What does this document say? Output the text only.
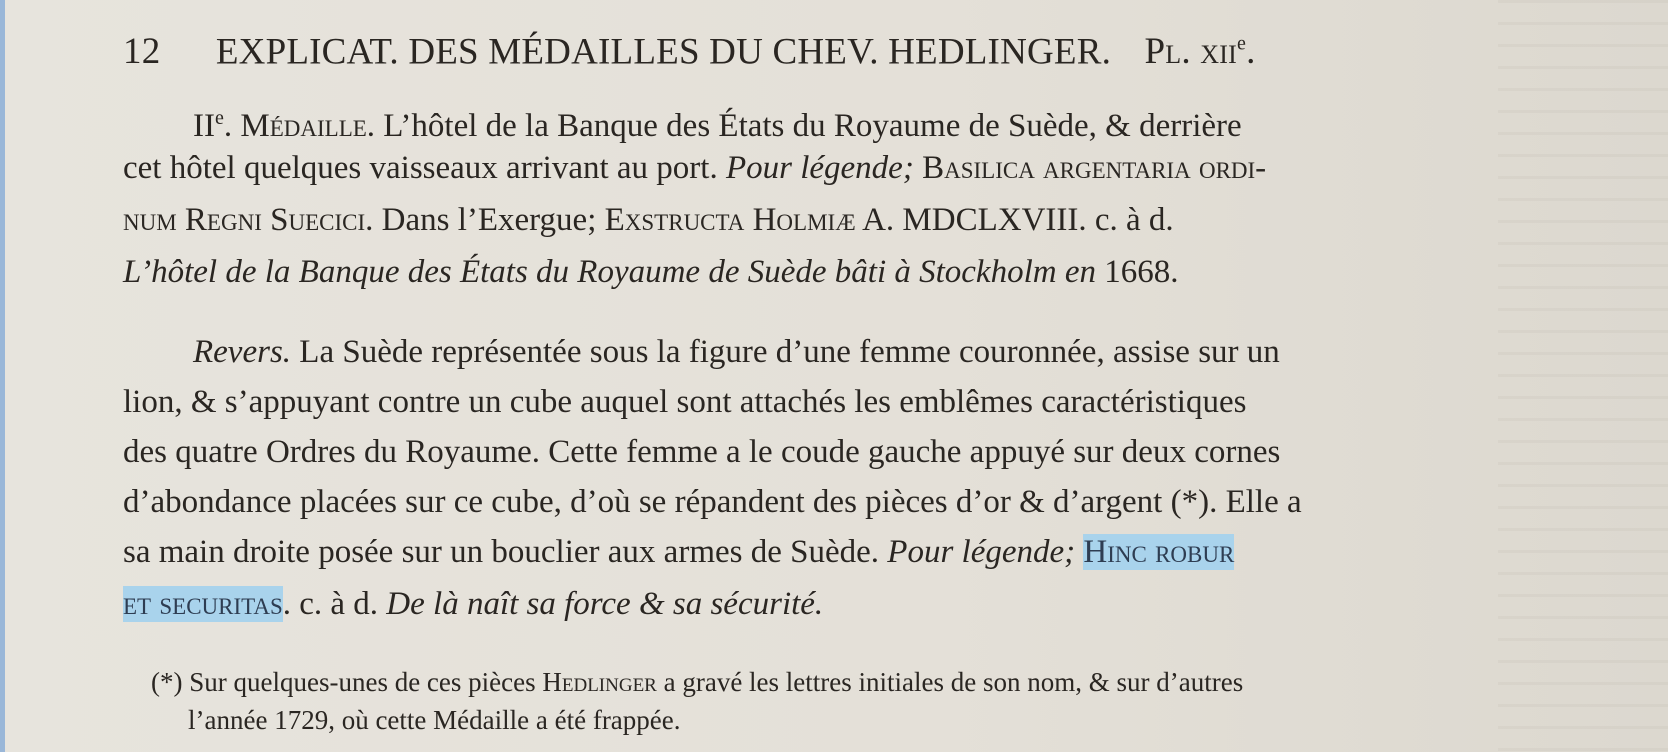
12 EXPLICAT. DES MÉDAILLES DU CHEV. HEDLINGER. Pl. xii$^e$.
IIe. Médaille. L’hôtel de la Banque des États du Royaume de Suède, & derrière
cet hôtel quelques vaisseaux arrivant au port. Pour légende; Basilica argentaria ordi-
num Regni Suecici. Dans l’Exergue; Exstructa Holmiæ A. MDCLXVIII. c. à d.
L’hôtel de la Banque des États du Royaume de Suède bâti à Stockholm en 1668.
Revers. La Suède représentée sous la figure d’une femme couronnée, assise sur un
lion, & s’appuyant contre un cube auquel sont attachés les emblêmes caractéristiques
des quatre Ordres du Royaume. Cette femme a le coude gauche appuyé sur deux cornes
d’abondance placées sur ce cube, d’où se répandent des pièces d’or & d’argent (*). Elle a
sa main droite posée sur un bouclier aux armes de Suède. Pour légende; Hinc robur
et securitas. c. à d. De là naît sa force & sa sécurité.
(*) Sur quelques-unes de ces pièces Hedlinger a gravé les lettres initiales de son nom, & sur d’autres
l’année 1729, où cette Médaille a été frappée.
